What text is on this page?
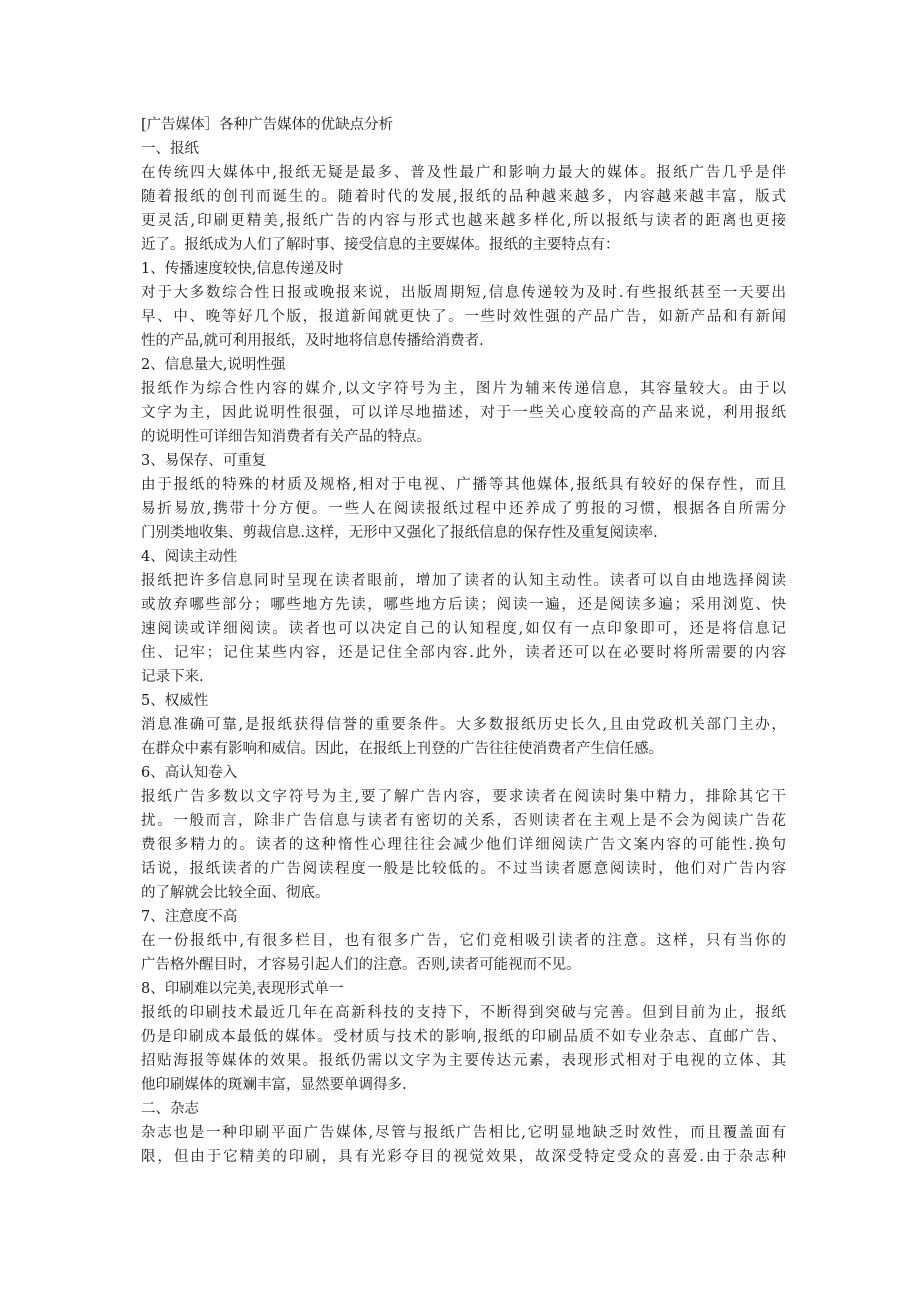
[广告媒体］各种广告媒体的优缺点分析
一、报纸
在传统四大媒体中,报纸无疑是最多、普及性最广和影响力最大的媒体。报纸广告几乎是伴
随着报纸的创刊而诞生的。随着时代的发展,报纸的品种越来越多，内容越来越丰富，版式
更灵活,印刷更精美,报纸广告的内容与形式也越来越多样化,所以报纸与读者的距离也更接
近了。报纸成为人们了解时事、接受信息的主要媒体。报纸的主要特点有：
1、传播速度较快,信息传递及时
对于大多数综合性日报或晚报来说，出版周期短,信息传递较为及时.有些报纸甚至一天要出
早、中、晚等好几个版，报道新闻就更快了。一些时效性强的产品广告，如新产品和有新闻
性的产品,就可利用报纸，及时地将信息传播给消费者.
2、信息量大,说明性强
报纸作为综合性内容的媒介,以文字符号为主，图片为辅来传递信息，其容量较大。由于以
文字为主，因此说明性很强，可以详尽地描述，对于一些关心度较高的产品来说，利用报纸
的说明性可详细告知消费者有关产品的特点。
3、易保存、可重复
由于报纸的特殊的材质及规格,相对于电视、广播等其他媒体,报纸具有较好的保存性，而且
易折易放,携带十分方便。一些人在阅读报纸过程中还养成了剪报的习惯，根据各自所需分
门别类地收集、剪裁信息.这样，无形中又强化了报纸信息的保存性及重复阅读率.
4、阅读主动性
报纸把许多信息同时呈现在读者眼前，增加了读者的认知主动性。读者可以自由地选择阅读
或放弃哪些部分；哪些地方先读，哪些地方后读；阅读一遍，还是阅读多遍；采用浏览、快
速阅读或详细阅读。读者也可以决定自己的认知程度,如仅有一点印象即可，还是将信息记
住、记牢；记住某些内容，还是记住全部内容.此外，读者还可以在必要时将所需要的内容
记录下来.
5、权威性
消息准确可靠,是报纸获得信誉的重要条件。大多数报纸历史长久,且由党政机关部门主办，
在群众中素有影响和威信。因此，在报纸上刊登的广告往往使消费者产生信任感。
6、高认知卷入
报纸广告多数以文字符号为主,要了解广告内容，要求读者在阅读时集中精力，排除其它干
扰。一般而言，除非广告信息与读者有密切的关系，否则读者在主观上是不会为阅读广告花
费很多精力的。读者的这种惰性心理往往会减少他们详细阅读广告文案内容的可能性.换句
话说，报纸读者的广告阅读程度一般是比较低的。不过当读者愿意阅读时，他们对广告内容
的了解就会比较全面、彻底。
7、注意度不高
在一份报纸中,有很多栏目，也有很多广告，它们竞相吸引读者的注意。这样，只有当你的
广告格外醒目时，才容易引起人们的注意。否则,读者可能视而不见。
8、印刷难以完美,表现形式单一
报纸的印刷技术最近几年在高新科技的支持下，不断得到突破与完善。但到目前为止，报纸
仍是印刷成本最低的媒体。受材质与技术的影响,报纸的印刷品质不如专业杂志、直邮广告、
招贴海报等媒体的效果。报纸仍需以文字为主要传达元素，表现形式相对于电视的立体、其
他印刷媒体的斑斓丰富，显然要单调得多.
二、杂志
杂志也是一种印刷平面广告媒体,尽管与报纸广告相比,它明显地缺乏时效性，而且覆盖面有
限，但由于它精美的印刷，具有光彩夺目的视觉效果，故深受特定受众的喜爱.由于杂志种
